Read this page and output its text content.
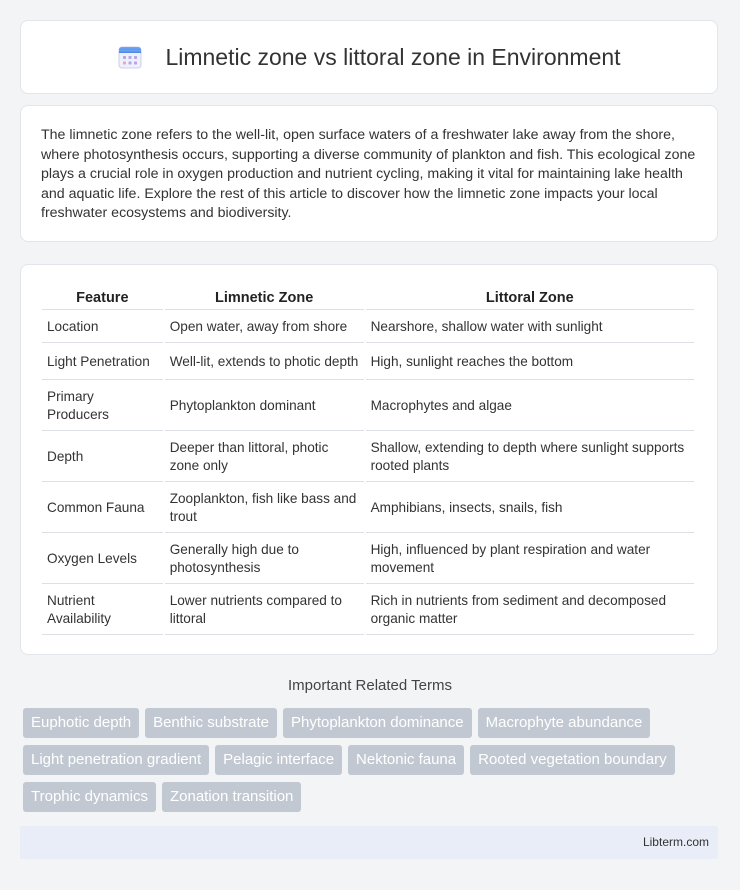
Limnetic zone vs littoral zone in Environment

The limnetic zone refers to the well-lit, open surface waters of a freshwater lake away from the shore, where photosynthesis occurs, supporting a diverse community of plankton and fish. This ecological zone plays a crucial role in oxygen production and nutrient cycling, making it vital for maintaining lake health and aquatic life. Explore the rest of this article to discover how the limnetic zone impacts your local freshwater ecosystems and biodiversity.

Feature	Limnetic Zone	Littoral Zone
Location	Open water, away from shore	Nearshore, shallow water with sunlight
Light Penetration	Well-lit, extends to photic depth	High, sunlight reaches the bottom
Primary Producers	Phytoplankton dominant	Macrophytes and algae
Depth	Deeper than littoral, photic zone only	Shallow, extending to depth where sunlight supports rooted plants
Common Fauna	Zooplankton, fish like bass and trout	Amphibians, insects, snails, fish
Oxygen Levels	Generally high due to photosynthesis	High, influenced by plant respiration and water movement
Nutrient Availability	Lower nutrients compared to littoral	Rich in nutrients from sediment and decomposed organic matter
Important Related Terms
Euphotic depth	Benthic substrate	Phytoplankton dominance	Macrophyte abundance
Light penetration gradient	Pelagic interface	Nektonic fauna	Rooted vegetation boundary
Trophic dynamics	Zonation transition
Libterm.com
